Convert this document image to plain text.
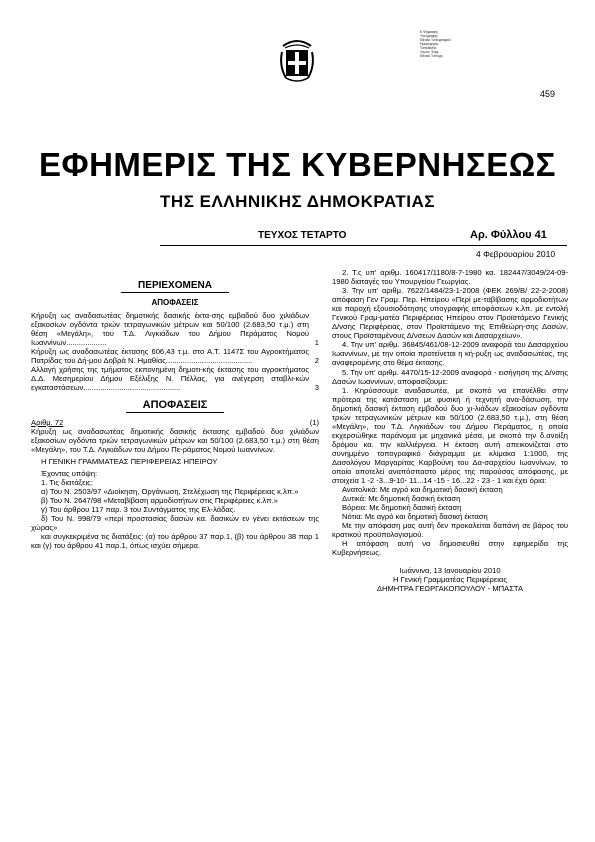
Ε.Ψηφιακής
Υπογραφής
Εθνικό Τυπογραφείο
Ημερομηνία:
Τοποθεσία:
Λόγος: Ψηφ.
Εθνικό Τυπογρ.
459
ΕΦΗΜΕΡΙΣ ΤΗΣ ΚΥΒΕΡΝΗΣΕΩΣ
ΤΗΣ ΕΛΛΗΝΙΚΗΣ ΔΗΜΟΚΡΑΤΙΑΣ
ΤΕΥΧΟΣ ΤΕΤΑΡΤΟ	Αρ. Φύλλου 41
4 Φεβρουαρίου 2010
ΠΕΡΙΕΧΟΜΕΝΑ
ΑΠΟΦΑΣΕΙΣ
Κήρυξη ως αναδασωτέας δημοτικής δασικής έκτα-σης εμβαδού δυο χιλιάδων εξακοσίων ογδόντα τριών τετραγωνικών μέτρων και 50/100 (2.683,50 τ.μ.) στη θέση «Μεγάλη», του Τ.Δ. Λιγκιάδων του Δήμου Περάματος Νομού Ιωαννίνων...................	1
Κήρυξη ως αναδασωτέας έκτασης 606,43 τ.μ. στο Α.Τ. 1147Σ του Αγροκτήματος Πατρίδας του Δή-μου Δοβρά Ν. Ημαθίας.........................................	2
Αλλαγή χρήσης της τμήματος εκπονημένη δημοτι-κής έκτασης του αγροκτήματος Δ.Δ. Μεσημερίου Δήμου Εξέλιξης Ν. Πέλλας, για ανέγερση σταβλι-κών εγκαταστάσεων..............................................	3
ΑΠΟΦΑΣΕΙΣ
Αριθμ. 72	(1)

Κήρυξη ως αναδασωτέας δημοτικής δασικής έκτασης εμβαδού δυο χιλιάδων εξακοσίων ογδόντα τριών τετραγωνικών μέτρων και 50/100 (2.683,50 τ.μ.) στη θέση «Μεγάλη», του Τ.Δ. Λιγκιάδων του Δήμου Πε-ράματος Νομού Ιωαννίνων.

Η ΓΕΝΙΚΗ ΓΡΑΜΜΑΤΕΑΣ ΠΕΡΙΦΕΡΕΙΑΣ ΗΠΕΙΡΟΥ

Έχοντας υπόψη:

1. Τις διατάξεις:

α) Του Ν. 2503/97 «Διοίκηση, Οργάνωση, Στελέχωση της Περιφέρειας κ.λπ.»

β) Του Ν. 2647/98 «Μεταβίβαση αρμοδιοτήτων στις Περιφέρειες κ.λπ.»

γ) Του άρθρου 117 παρ. 3 του Συντάγματος της Ελ-λάδας.

δ) Του Ν. 998/79 «περί προστασίας δασών κα. δασικών εν γένει εκτάσεων της χώρας»

και συγκεκριμένα τις διατάξεις: (α) του άρθρου 37 παρ.1, (β) του άρθρου 38 παρ 1 και (γ) του άρθρου 41 παρ.1, όπως ισχύει σήμερα.

2. Τ.ς υπ' αριθμ. 160417/1180/8-7-1980 κα. 182447/3049/24-09-1980 διαταγές του Υπουργείου Γεωργίας.

3. Την υπ' αριθμ. 7622/1484/23-1-2008 (ΦΕΚ 269/Β/ 22-2-2008) απόφαση Γεν Γραμ. Περ. Ηπείρου «Περί με-ταβίβασης αρμοδιοτήτων και παροχή εξουσιοδότησης υπογραφής αποφάσεων κ.λπ. με εντολή Γενικού Γραμ-ματέα Περιφέρειας Ηπείρου στον Προϊστάμενο Γενικής Δ/νσης Περιφέρειας, στον Προϊστάμενο της Επιθεώρη-σης Δασών, στους Προϊσταμένους Δ/νσεων Δασών και Δασαρχείων».

4. Την υπ' αριθμ. 36845/461/08-12-2009 αναφορά του Δασαρχείου Ιωαννίνων, με την οποία προτείνεται η κή-ρυξη ως αναδασωτέας, της αναφερομένης στο θέμα έκτασης.

5. Την υπ' αριθμ. 4470/15-12-2009 αναφορά - εισήγηση της Δ/νσης Δασών Ιωαννίνων, αποφασίζουμε:

1. Κηρύσσουμε αναδασωτέα, με σκοπό να επανέλθει στην πρότερα της κατάσταση με φυσική ή τεχνητή ανα-δάσωση, την δημοτική δασική έκταση εμβαδού δυο χι-λιάδων εξακοσίων ογδόντα τριών τετραγωνικών μέτρων και 50/100 (2.683,50 τ.μ.), στη θέση «Μεγάλη», του Τ.Δ. Λιγκιάδων του Δήμου Περάματος, η οποία εκχερσώθηκε παράνομα με μηχανικά μέσα, με σκοπό την δ.ανοίξη δρόμου κα. την καλλιέργεια. Η έκταση αυτή απεικονίζεται στο συνημμένο τοπογραφικό διάγραμμα με κλίμακα 1:1000, της Δασολόγου Μαργαρίτας Καρβούνη του Δα-σαρχείου Ιωαννίνων, το οποίο αποτελεί αναπόσπαστο μέρος της παρούσας απόφασης, με στοιχεία 1 -2 -3...9-10- 11...14 -15 - 16...22 - 23 - 1 και έχει όρια:

Ανατολικά: Με αγρό και δημοτική δασική έκταση

Δυτικά: Με δημοτική δασική έκταση

Βόρεια: Με δημοτική δασική έκταση

Νότια: Με αγρό και δημοτική δασική έκταση

Με την απόφαση μας αυτή δεν προκαλείται δαπάνη σε βάρος του κρατικού προϋπολογισμού.

Η απόφαση αυτή να δημοσιευθεί στην εφημερίδα της Κυβερνήσεως.

Ιωάννινα, 13 Ιανουαρίου 2010

Η Γενική Γραμματέας Περιφέρειας

ΔΗΜΗΤΡΑ ΓΕΩΡΓΑΚΟΠΟΥΛΟΥ - ΜΠΑΣΤΑ
